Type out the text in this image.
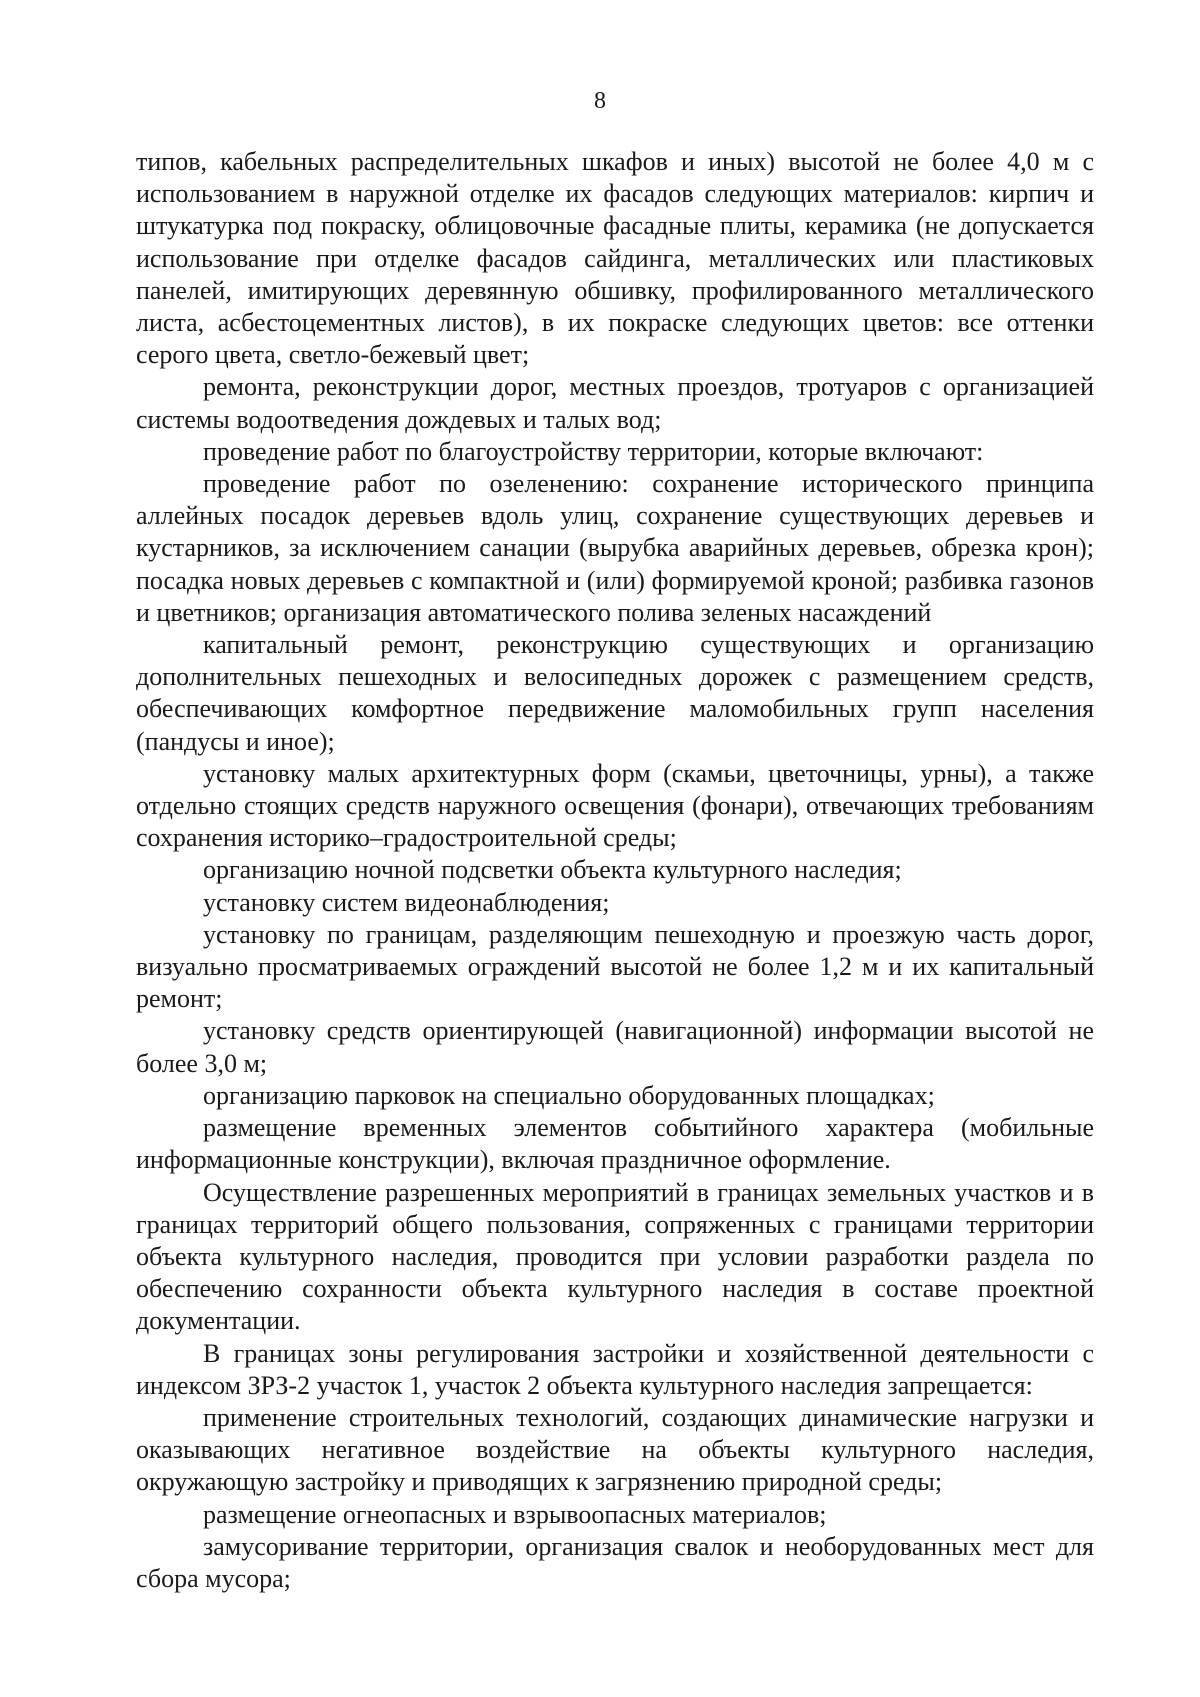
8

типов, кабельных распределительных шкафов и иных) высотой не более 4,0 м с использованием в наружной отделке их фасадов следующих материалов: кирпич и штукатурка под покраску, облицовочные фасадные плиты, керамика (не допускается использование при отделке фасадов сайдинга, металлических или пластиковых панелей, имитирующих деревянную обшивку, профилированного металлического листа, асбестоцементных листов), в их покраске следующих цветов: все оттенки серого цвета, светло-бежевый цвет;

ремонта, реконструкции дорог, местных проездов, тротуаров с организацией системы водоотведения дождевых и талых вод;

проведение работ по благоустройству территории, которые включают:

проведение работ по озеленению: сохранение исторического принципа аллейных посадок деревьев вдоль улиц, сохранение существующих деревьев и кустарников, за исключением санации (вырубка аварийных деревьев, обрезка крон); посадка новых деревьев с компактной и (или) формируемой кроной; разбивка газонов и цветников; организация автоматического полива зеленых насаждений

капитальный ремонт, реконструкцию существующих и организацию дополнительных пешеходных и велосипедных дорожек с размещением средств, обеспечивающих комфортное передвижение маломобильных групп населения (пандусы и иное);

установку малых архитектурных форм (скамьи, цветочницы, урны), а также отдельно стоящих средств наружного освещения (фонари), отвечающих требованиям сохранения историко–градостроительной среды;

организацию ночной подсветки объекта культурного наследия;

установку систем видеонаблюдения;

установку по границам, разделяющим пешеходную и проезжую часть дорог, визуально просматриваемых ограждений высотой не более 1,2 м и их капитальный ремонт;

установку средств ориентирующей (навигационной) информации высотой не более 3,0 м;

организацию парковок на специально оборудованных площадках;

размещение временных элементов событийного характера (мобильные информационные конструкции), включая праздничное оформление.

Осуществление разрешенных мероприятий в границах земельных участков и в границах территорий общего пользования, сопряженных с границами территории объекта культурного наследия, проводится при условии разработки раздела по обеспечению сохранности объекта культурного наследия в составе проектной документации.

В границах зоны регулирования застройки и хозяйственной деятельности с индексом ЗРЗ-2 участок 1, участок 2 объекта культурного наследия запрещается:

применение строительных технологий, создающих динамические нагрузки и оказывающих негативное воздействие на объекты культурного наследия, окружающую застройку и приводящих к загрязнению природной среды;

размещение огнеопасных и взрывоопасных материалов;

замусоривание территории, организация свалок и необорудованных мест для сбора мусора;
